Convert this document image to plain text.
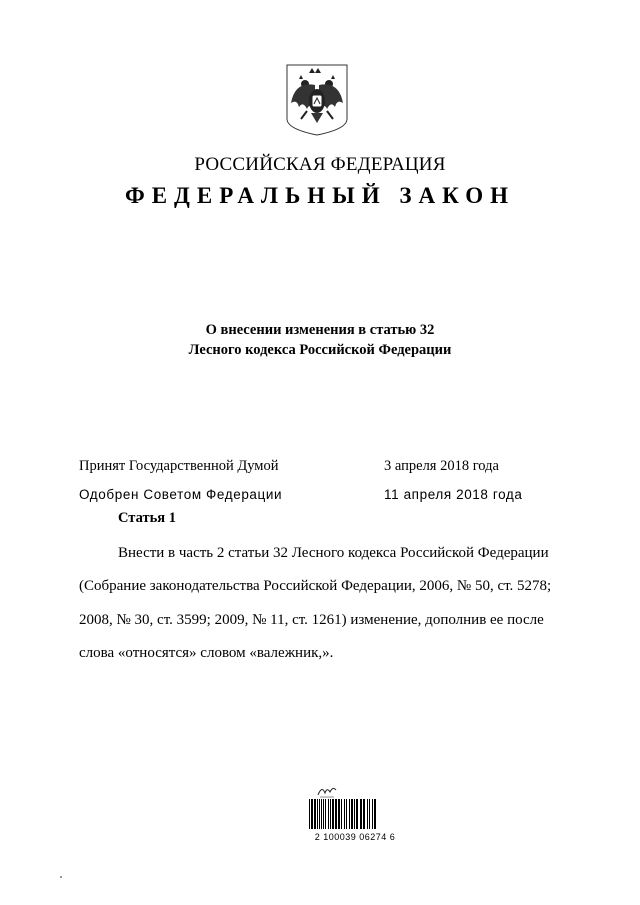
РОССИЙСКАЯ ФЕДЕРАЦИЯ
ФЕДЕРАЛЬНЫЙ ЗАКОН
О внесении изменения в статью 32
Лесного кодекса Российской Федерации
Принят Государственной Думой	3 апреля 2018 года
Одобрен Советом Федерации	11 апреля 2018 года
Статья 1
Внести в часть 2 статьи 32 Лесного кодекса Российской Федерации
(Собрание законодательства Российской Федерации, 2006, № 50, ст. 5278;
2008, № 30, ст. 3599; 2009, № 11, ст. 1261) изменение, дополнив ее после
слова «относятся» словом «валежник,».
2 100039 06274 6
